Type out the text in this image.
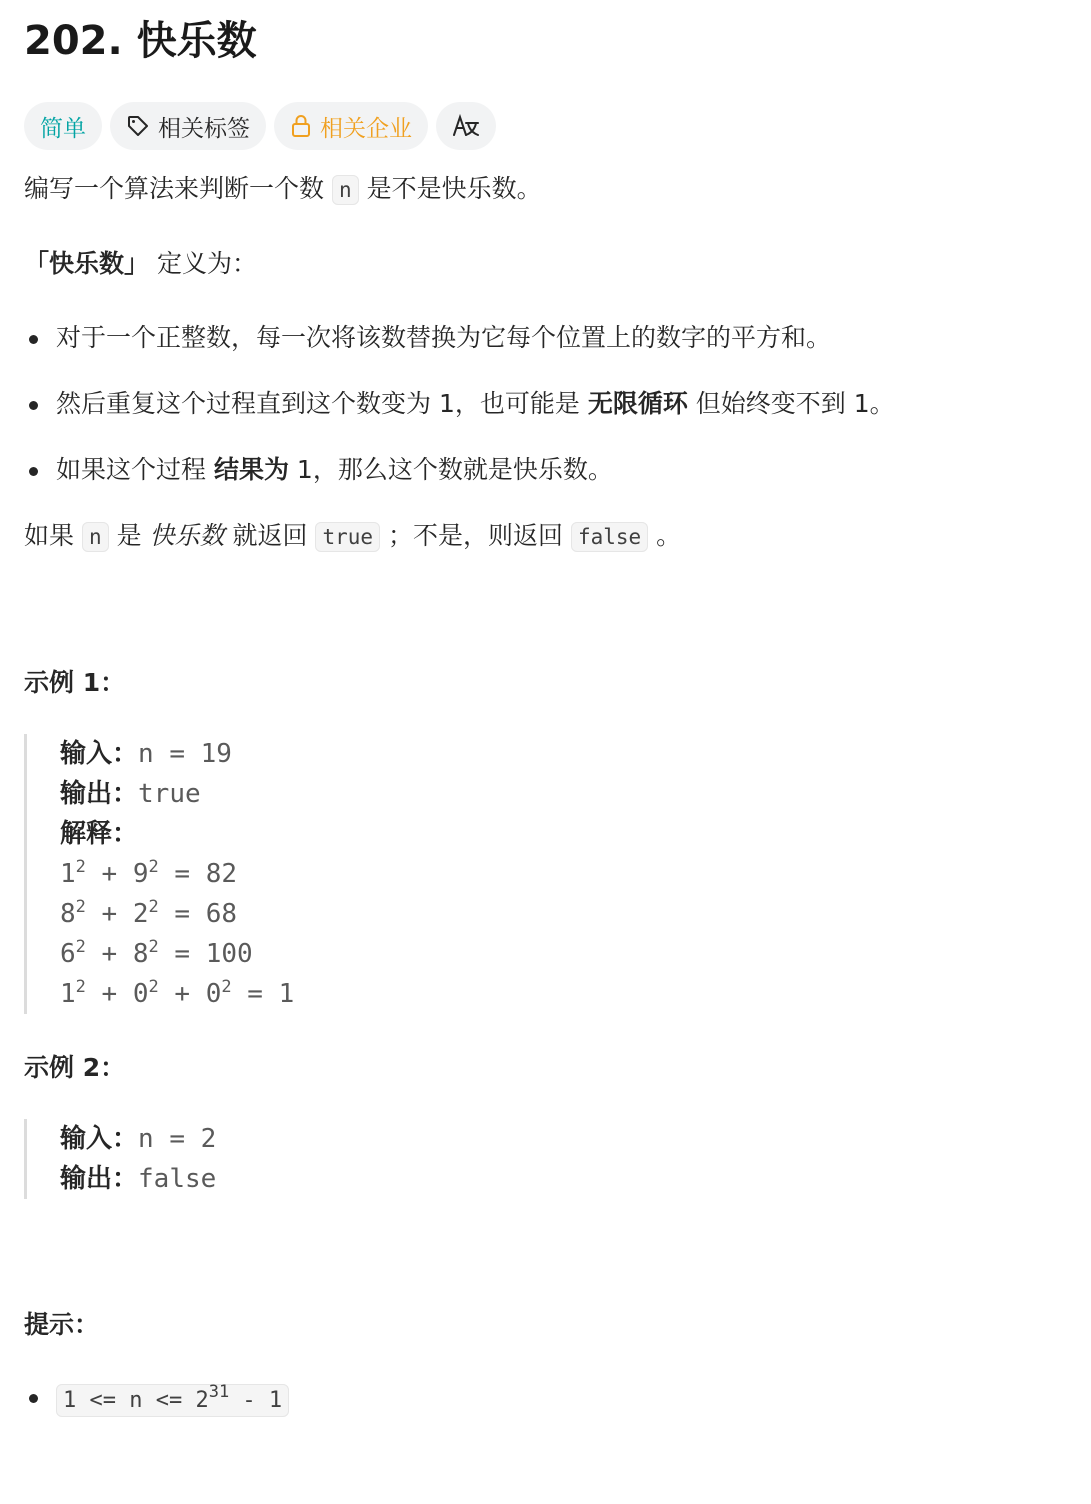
202. 快乐数
简单	相关标签	相关企业
编写一个算法来判断一个数 n 是不是快乐数。
「快乐数」 定义为：
对于一个正整数，每一次将该数替换为它每个位置上的数字的平方和。
然后重复这个过程直到这个数变为 1，也可能是 无限循环 但始终变不到 1。
如果这个过程 结果为 1，那么这个数就是快乐数。
如果 n 是 快乐数 就返回 true ；不是，则返回 false 。
示例 1：
输入：n = 19
输出：true
解释：
$1^2 + 9^2 = 82$
$8^2 + 2^2 = 68$
$6^2 + 8^2 = 100$
$1^2 + 0^2 + 0^2 = 1$
示例 2：
输入：n = 2
输出：false
提示：
$1 <= n <= 2^{31} - 1$
